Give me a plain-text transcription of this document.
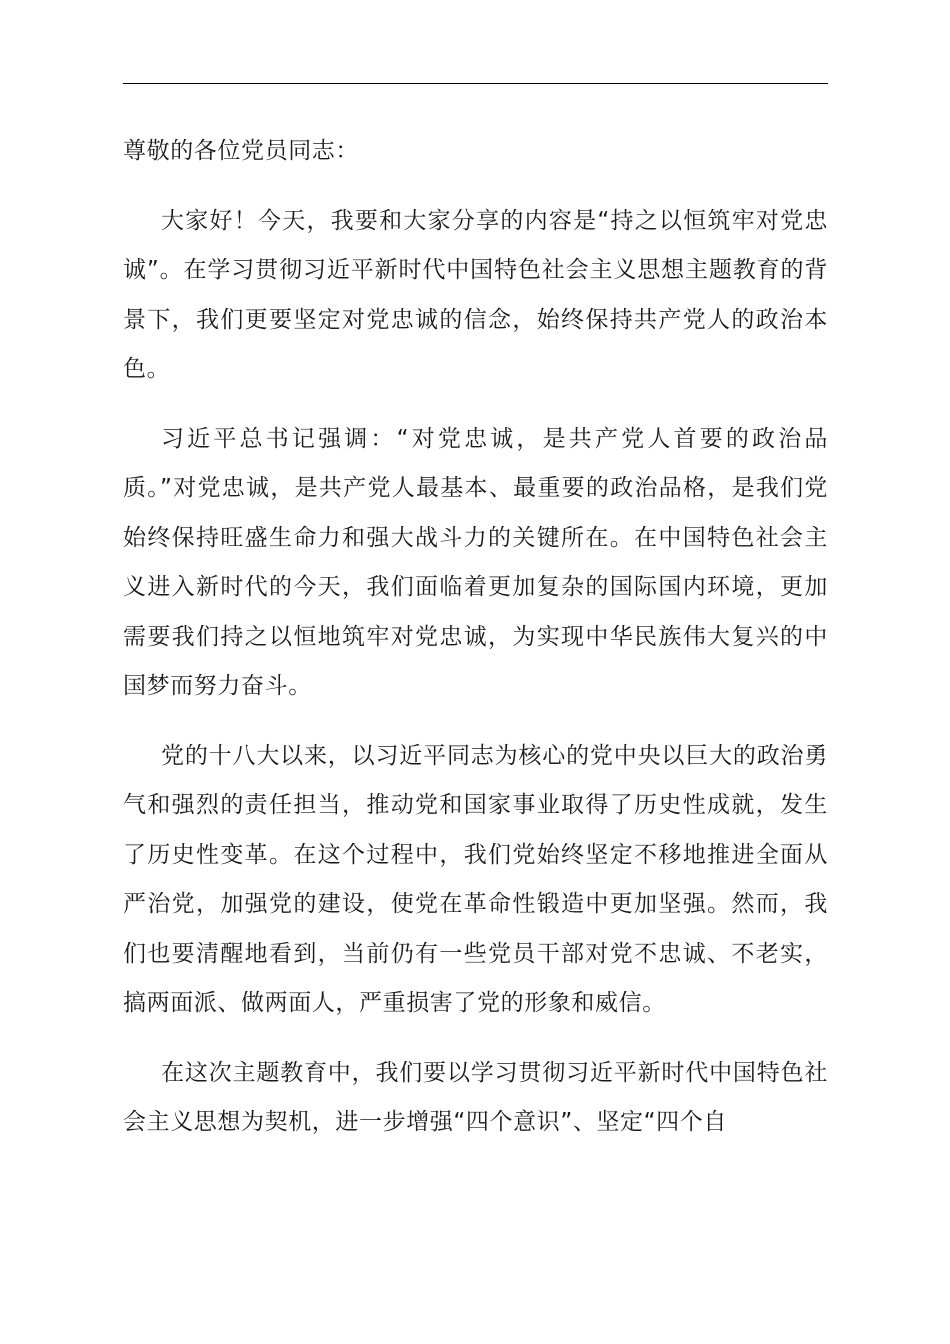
尊敬的各位党员同志：

大家好！今天，我要和大家分享的内容是“持之以恒筑牢对党忠诚”。在学习贯彻习近平新时代中国特色社会主义思想主题教育的背景下，我们更要坚定对党忠诚的信念，始终保持共产党人的政治本色。

习近平总书记强调：“对党忠诚，是共产党人首要的政治品质。”对党忠诚，是共产党人最基本、最重要的政治品格，是我们党始终保持旺盛生命力和强大战斗力的关键所在。在中国特色社会主义进入新时代的今天，我们面临着更加复杂的国际国内环境，更加需要我们持之以恒地筑牢对党忠诚，为实现中华民族伟大复兴的中国梦而努力奋斗。

党的十八大以来，以习近平同志为核心的党中央以巨大的政治勇气和强烈的责任担当，推动党和国家事业取得了历史性成就，发生了历史性变革。在这个过程中，我们党始终坚定不移地推进全面从严治党，加强党的建设，使党在革命性锻造中更加坚强。然而，我们也要清醒地看到，当前仍有一些党员干部对党不忠诚、不老实，搞两面派、做两面人，严重损害了党的形象和威信。

在这次主题教育中，我们要以学习贯彻习近平新时代中国特色社会主义思想为契机，进一步增强“四个意识”、坚定“四个自
